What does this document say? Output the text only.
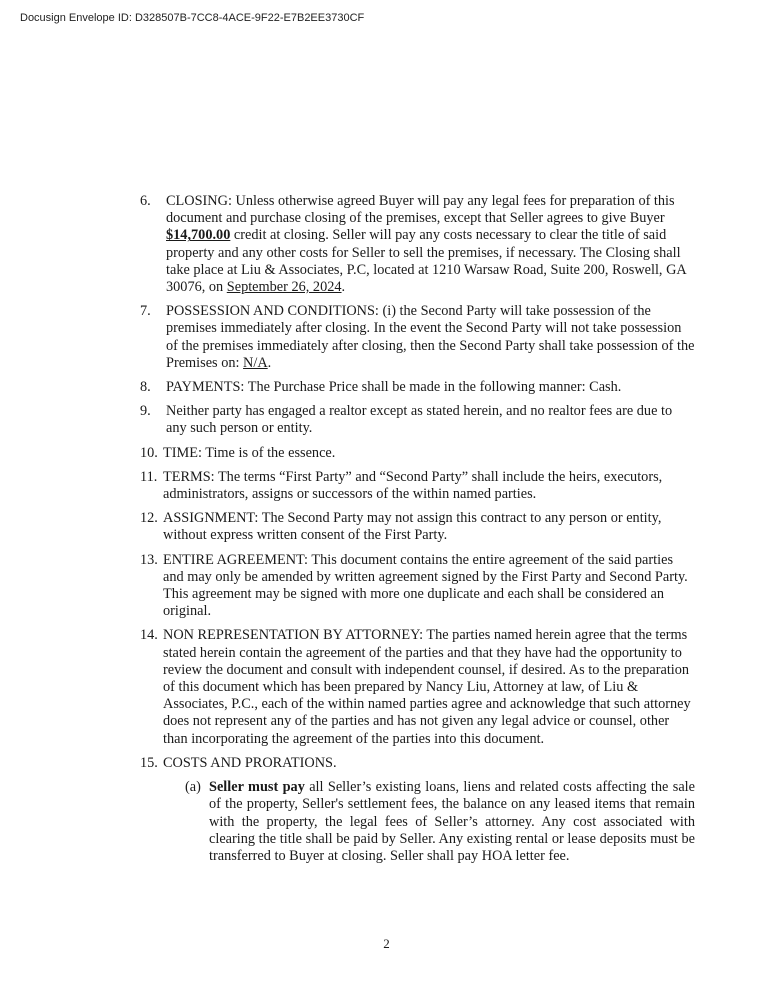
Docusign Envelope ID: D328507B-7CC8-4ACE-9F22-E7B2EE3730CF
6.	CLOSING: Unless otherwise agreed Buyer will pay any legal fees for preparation of this document and purchase closing of the premises, except that Seller agrees to give Buyer $14,700.00 credit at closing. Seller will pay any costs necessary to clear the title of said property and any other costs for Seller to sell the premises, if necessary. The Closing shall take place at Liu & Associates, P.C, located at 1210 Warsaw Road, Suite 200, Roswell, GA 30076, on September 26, 2024.
7.	POSSESSION AND CONDITIONS: (i) the Second Party will take possession of the premises immediately after closing. In the event the Second Party will not take possession of the premises immediately after closing, then the Second Party shall take possession of the Premises on: N/A.
8.	PAYMENTS: The Purchase Price shall be made in the following manner: Cash.
9.	Neither party has engaged a realtor except as stated herein, and no realtor fees are due to any such person or entity.
10. TIME: Time is of the essence.
11. TERMS: The terms “First Party” and “Second Party” shall include the heirs, executors, administrators, assigns or successors of the within named parties.
12. ASSIGNMENT: The Second Party may not assign this contract to any person or entity, without express written consent of the First Party.
13. ENTIRE AGREEMENT: This document contains the entire agreement of the said parties and may only be amended by written agreement signed by the First Party and Second Party. This agreement may be signed with more one duplicate and each shall be considered an original.
14. NON REPRESENTATION BY ATTORNEY: The parties named herein agree that the terms stated herein contain the agreement of the parties and that they have had the opportunity to review the document and consult with independent counsel, if desired. As to the preparation of this document which has been prepared by Nancy Liu, Attorney at law, of Liu & Associates, P.C., each of the within named parties agree and acknowledge that such attorney does not represent any of the parties and has not given any legal advice or counsel, other than incorporating the agreement of the parties into this document.
15. COSTS AND PRORATIONS.
(a) Seller must pay all Seller’s existing loans, liens and related costs affecting the sale of the property, Seller's settlement fees, the balance on any leased items that remain with the property, the legal fees of Seller’s attorney. Any cost associated with clearing the title shall be paid by Seller. Any existing rental or lease deposits must be transferred to Buyer at closing. Seller shall pay HOA letter fee.
2
